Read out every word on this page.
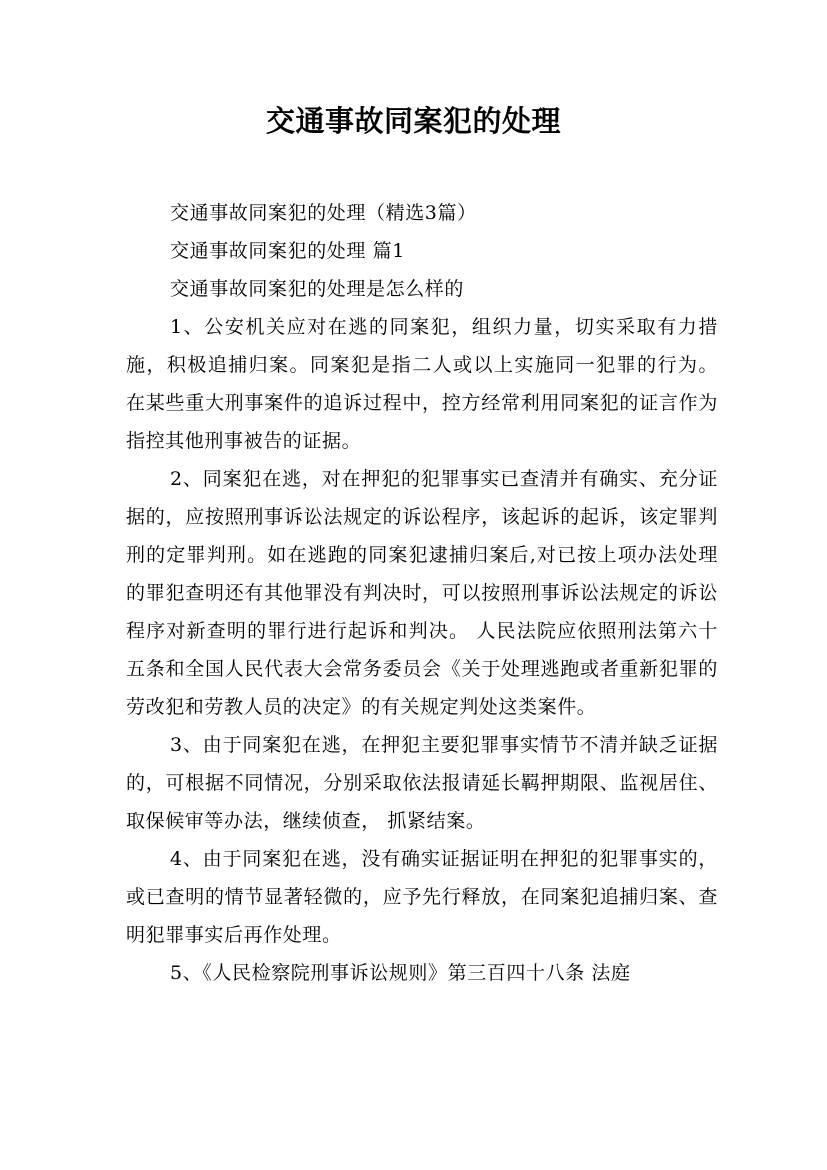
交通事故同案犯的处理

交通事故同案犯的处理（精选3篇）

交通事故同案犯的处理 篇1

交通事故同案犯的处理是怎么样的

1、公安机关应对在逃的同案犯，组织力量，切实采取有力措施，积极追捕归案。同案犯是指二人或以上实施同一犯罪的行为。 在某些重大刑事案件的追诉过程中，控方经常利用同案犯的证言作为指控其他刑事被告的证据。

2、同案犯在逃，对在押犯的犯罪事实已查清并有确实、充分证据的，应按照刑事诉讼法规定的诉讼程序，该起诉的起诉，该定罪判刑的定罪判刑。如在逃跑的同案犯逮捕归案后,对已按上项办法处理的罪犯查明还有其他罪没有判决时，可以按照刑事诉讼法规定的诉讼程序对新查明的罪行进行起诉和判决。 人民法院应依照刑法第六十五条和全国人民代表大会常务委员会《关于处理逃跑或者重新犯罪的劳改犯和劳教人员的决定》的有关规定判处这类案件。

3、由于同案犯在逃，在押犯主要犯罪事实情节不清并缺乏证据的，可根据不同情况，分别采取依法报请延长羁押期限、监视居住、取保候审等办法，继续侦查， 抓紧结案。

4、由于同案犯在逃，没有确实证据证明在押犯的犯罪事实的，或已查明的情节显著轻微的，应予先行释放，在同案犯追捕归案、查明犯罪事实后再作处理。

5、《人民检察院刑事诉讼规则》第三百四十八条 法庭
